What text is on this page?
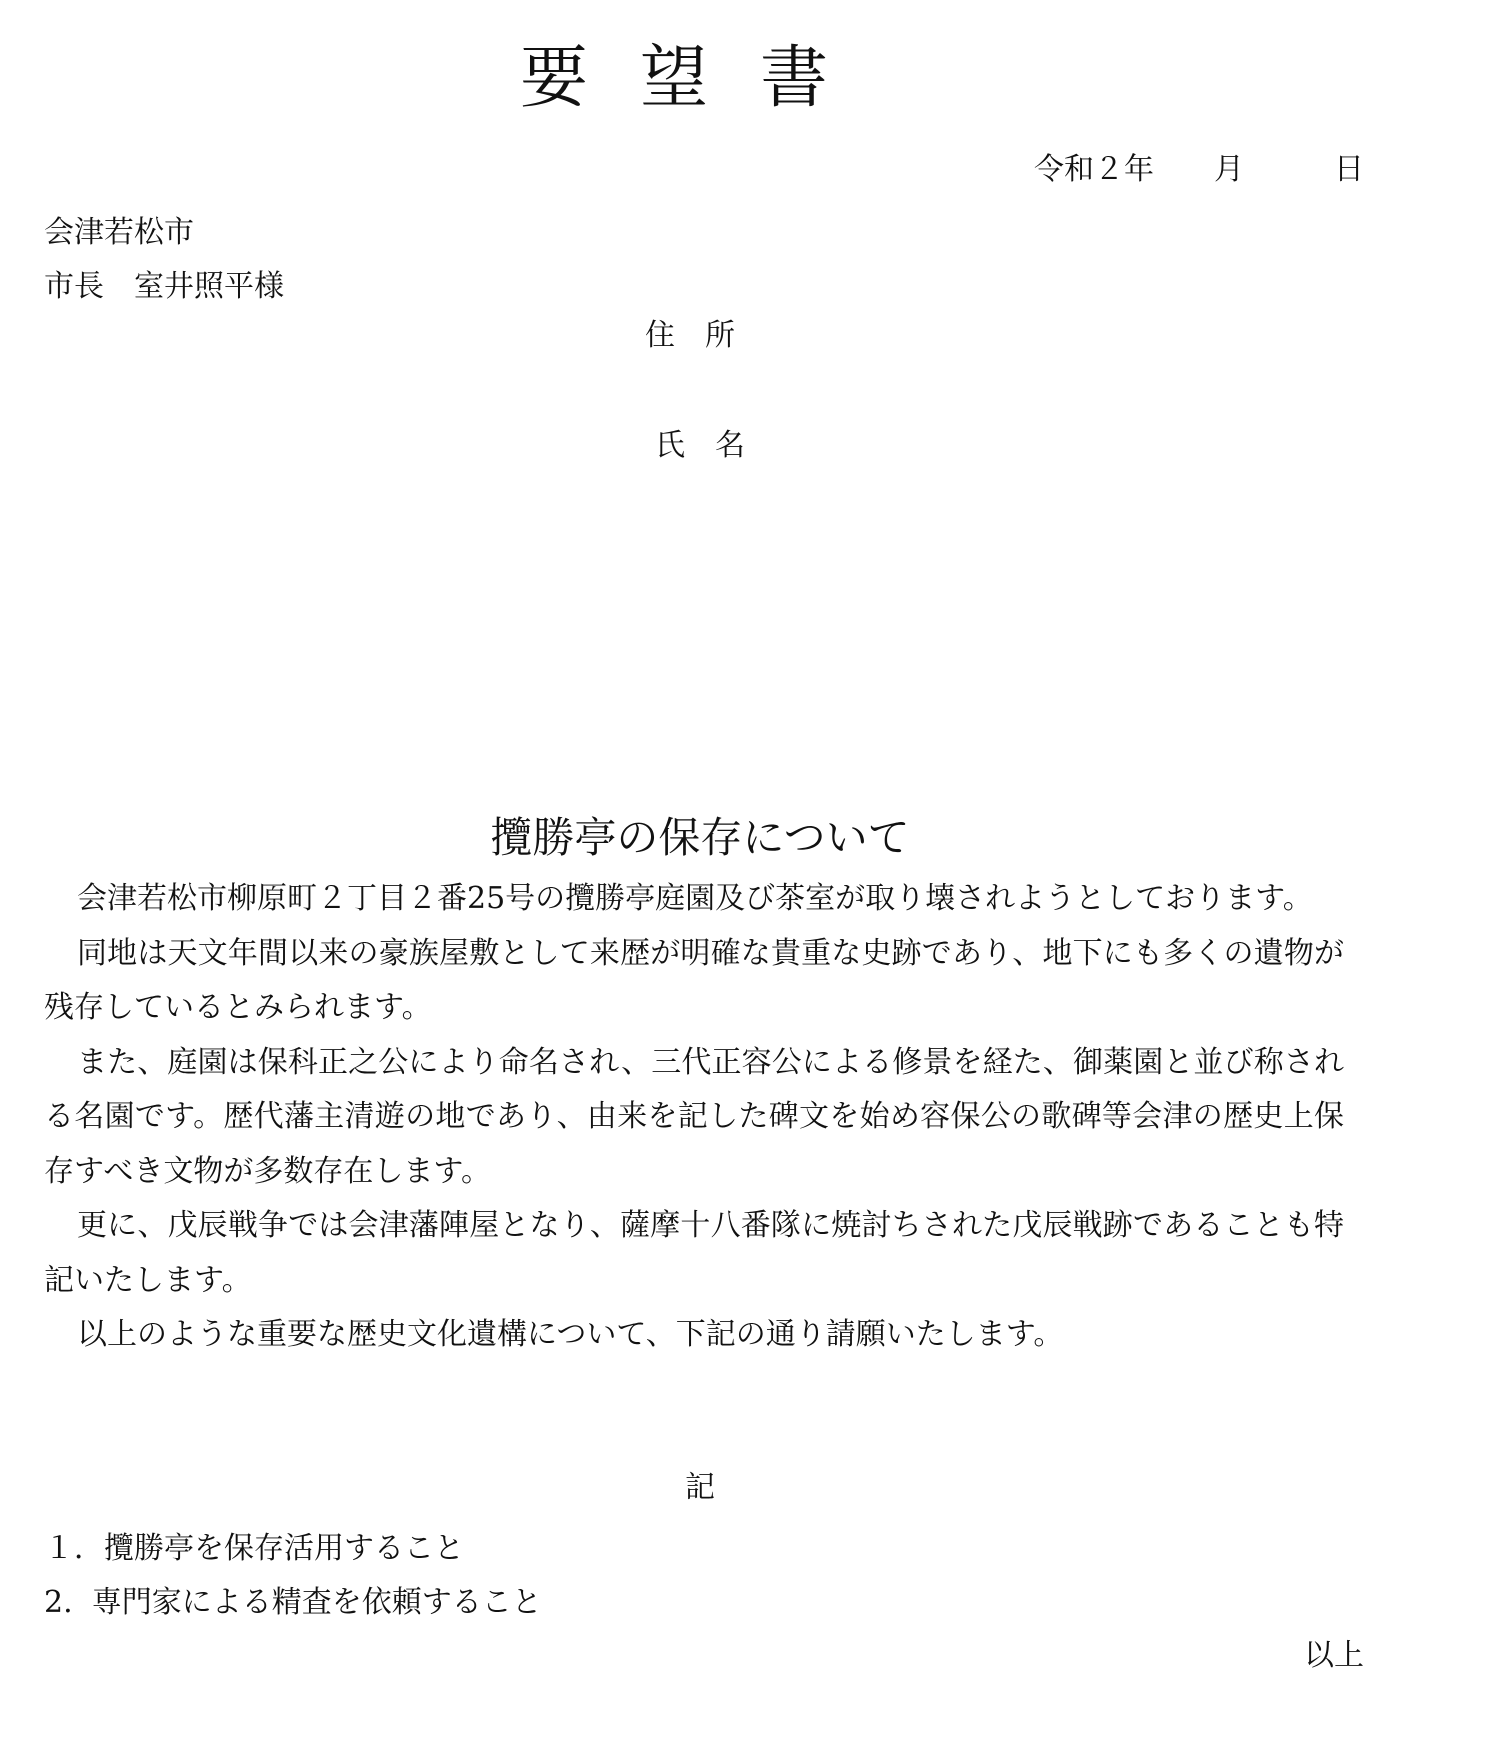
要望書
令和２年　　月　　　日
会津若松市
市長　室井照平様
住　所
氏　名
攬勝亭の保存について

会津若松市柳原町２丁目２番25号の攬勝亭庭園及び茶室が取り壊されようとしております。

同地は天文年間以来の豪族屋敷として来歴が明確な貴重な史跡であり、地下にも多くの遺物が残存しているとみられます。

また、庭園は保科正之公により命名され、三代正容公による修景を経た、御薬園と並び称される名園です。歴代藩主清遊の地であり、由来を記した碑文を始め容保公の歌碑等会津の歴史上保存すべき文物が多数存在します。

更に、戊辰戦争では会津藩陣屋となり、薩摩十八番隊に焼討ちされた戊辰戦跡であることも特記いたします。

以上のような重要な歴史文化遺構について、下記の通り請願いたします。

記
１．攬勝亭を保存活用すること
2.  専門家による精査を依頼すること
以上
